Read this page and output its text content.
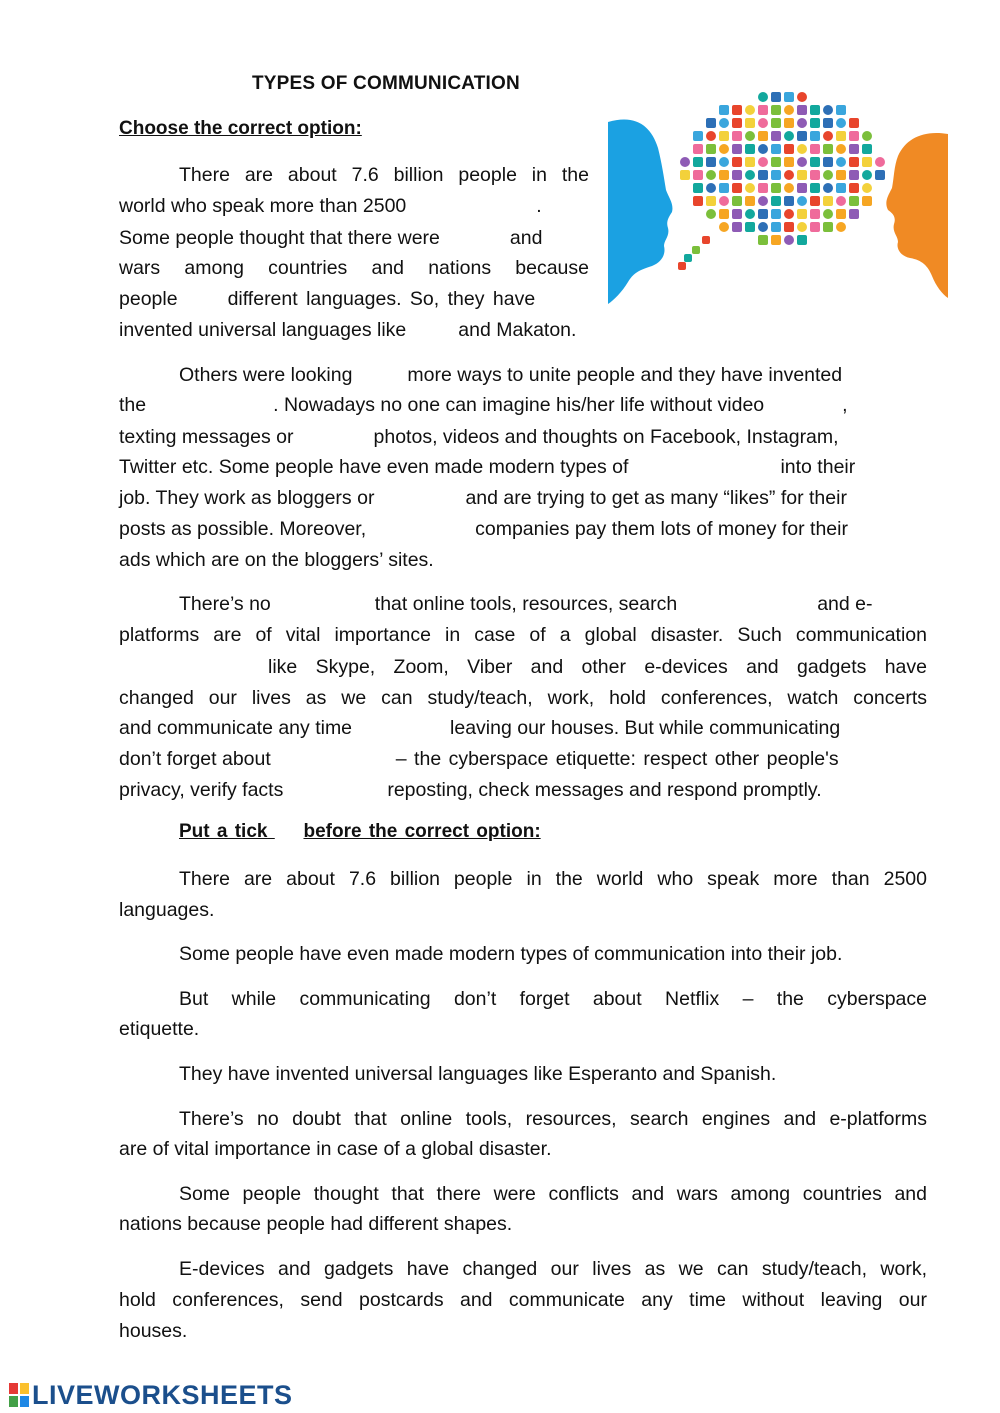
TYPES OF COMMUNICATION
Choose the correct option:
There are about 7.6 billion people in the
world who speak more than 2500	.
Some people thought that there were	and
wars among countries and nations because
people	different languages. So, they have
invented universal languages like	and Makaton.
Others were looking	more ways to unite people and they have invented
the	. Nowadays no one can imagine his/her life without video	,
texting messages or	photos, videos and thoughts on Facebook, Instagram,
Twitter etc. Some people have even made modern types of	into their
job. They work as bloggers or	and are trying to get as many “likes” for their
posts as possible. Moreover,	companies pay them lots of money for their
ads which are on the bloggers’ sites.
There’s no	that online tools, resources, search	and e-
platforms are of vital importance in case of a global disaster. Such communication
like Skype, Zoom, Viber and other e-devices and gadgets have
changed our lives as we can study/teach, work, hold conferences, watch concerts
and communicate any time	leaving our houses. But while communicating
don’t forget about	– the cyberspace etiquette: respect other people's
privacy, verify facts	reposting, check messages and respond promptly.
Put a tick before the correct option:
There are about 7.6 billion people in the world who speak more than 2500
languages.
Some people have even made modern types of communication into their job.
But while communicating don’t forget about Netflix – the cyberspace
etiquette.
They have invented universal languages like Esperanto and Spanish.
There’s no doubt that online tools, resources, search engines and e-platforms
are of vital importance in case of a global disaster.
Some people thought that there were conflicts and wars among countries and
nations because people had different shapes.
E-devices and gadgets have changed our lives as we can study/teach, work,
hold conferences, send postcards and communicate any time without leaving our
houses.
LIVEWORKSHEETS
